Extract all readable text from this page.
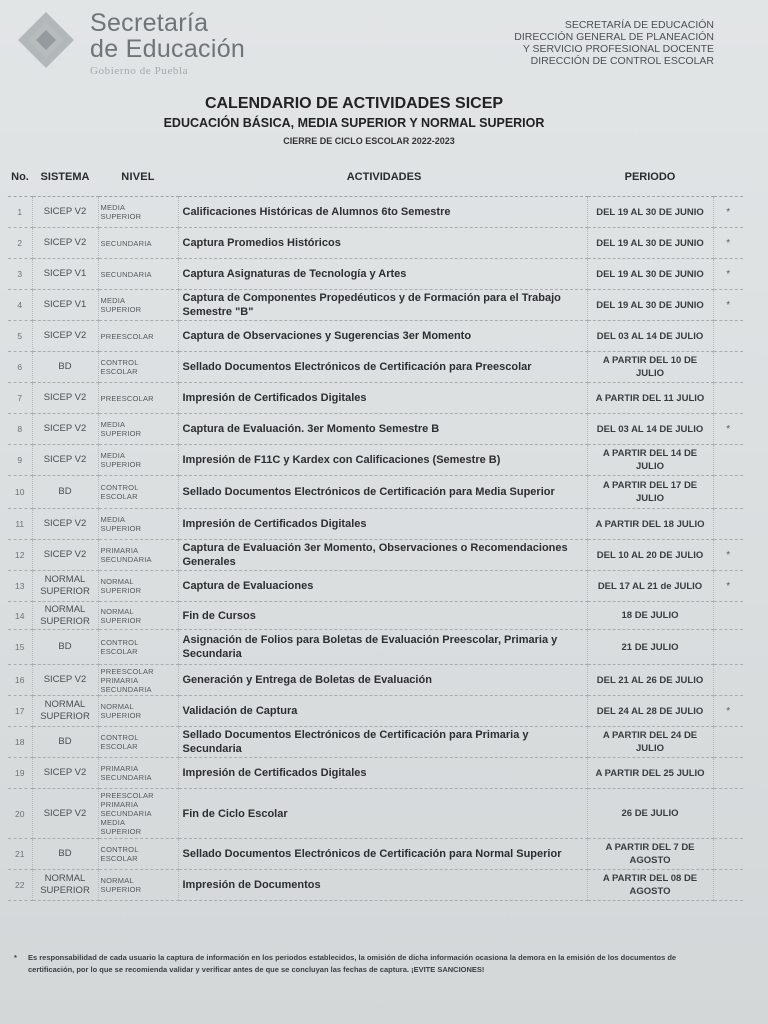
Secretaría
de Educación
Gobierno de Puebla
SECRETARÍA DE EDUCACIÓN
DIRECCIÓN GENERAL DE PLANEACIÓN
Y SERVICIO PROFESIONAL DOCENTE
DIRECCIÓN DE CONTROL ESCOLAR
CALENDARIO DE ACTIVIDADES SICEP
EDUCACIÓN BÁSICA, MEDIA SUPERIOR Y NORMAL SUPERIOR
CIERRE DE CICLO ESCOLAR 2022-2023
No.	SISTEMA	NIVEL	ACTIVIDADES	PERIODO	
1	SICEP V2	MEDIA
SUPERIOR	Calificaciones Históricas de Alumnos 6to Semestre	DEL 19 AL 30 DE JUNIO	*
2	SICEP V2	SECUNDARIA	Captura Promedios Históricos	DEL 19 AL 30 DE JUNIO	*
3	SICEP V1	SECUNDARIA	Captura Asignaturas de Tecnología y Artes	DEL 19 AL 30 DE JUNIO	*
4	SICEP V1	MEDIA
SUPERIOR	Captura de Componentes Propedéuticos y de Formación para el Trabajo Semestre "B"	DEL 19 AL 30 DE JUNIO	*
5	SICEP V2	PREESCOLAR	Captura de Observaciones y Sugerencias 3er Momento	DEL 03 AL 14 DE JULIO	
6	BD	CONTROL
ESCOLAR	Sellado Documentos Electrónicos de Certificación para Preescolar	A PARTIR DEL 10 DE JULIO	
7	SICEP V2	PREESCOLAR	Impresión de Certificados Digitales	A PARTIR DEL 11 JULIO	
8	SICEP V2	MEDIA
SUPERIOR	Captura de Evaluación. 3er Momento Semestre B	DEL 03 AL 14 DE JULIO	*
9	SICEP V2	MEDIA
SUPERIOR	Impresión de F11C y Kardex con Calificaciones (Semestre B)	A PARTIR DEL 14 DE JULIO	
10	BD	CONTROL
ESCOLAR	Sellado Documentos Electrónicos de Certificación para Media Superior	A PARTIR DEL 17 DE JULIO	
11	SICEP V2	MEDIA
SUPERIOR	Impresión de Certificados Digitales	A PARTIR DEL 18 JULIO	
12	SICEP V2	PRIMARIA
SECUNDARIA	Captura de Evaluación 3er Momento, Observaciones o Recomendaciones Generales	DEL 10 AL 20 DE JULIO	*
13	NORMAL SUPERIOR	NORMAL
SUPERIOR	Captura de Evaluaciones	DEL 17 AL 21 de JULIO	*
14	NORMAL SUPERIOR	NORMAL
SUPERIOR	Fin de Cursos	18 DE JULIO	
15	BD	CONTROL
ESCOLAR	Asignación de Folios para Boletas de Evaluación Preescolar, Primaria y Secundaria	21 DE JULIO	
16	SICEP V2	PREESCOLAR
PRIMARIA
SECUNDARIA	Generación y Entrega de Boletas de Evaluación	DEL 21 AL 26 DE JULIO	
17	NORMAL SUPERIOR	NORMAL
SUPERIOR	Validación de Captura	DEL 24 AL 28 DE JULIO	*
18	BD	CONTROL
ESCOLAR	Sellado Documentos Electrónicos de Certificación para Primaria y Secundaria	A PARTIR DEL 24 DE JULIO	
19	SICEP V2	PRIMARIA
SECUNDARIA	Impresión de Certificados Digitales	A PARTIR DEL 25 JULIO	
20	SICEP V2	PREESCOLAR
PRIMARIA
SECUNDARIA
MEDIA
SUPERIOR	Fin de Ciclo Escolar	26 DE JULIO	
21	BD	CONTROL
ESCOLAR	Sellado Documentos Electrónicos de Certificación para Normal Superior	A PARTIR DEL 7 DE AGOSTO	
22	NORMAL SUPERIOR	NORMAL
SUPERIOR	Impresión de Documentos	A PARTIR DEL 08 DE AGOSTO	
* Es responsabilidad de cada usuario la captura de información en los periodos establecidos, la omisión de dicha información ocasiona la demora en la emisión de los documentos de certificación, por lo que se recomienda validar y verificar antes de que se concluyan las fechas de captura. ¡EVITE SANCIONES!
